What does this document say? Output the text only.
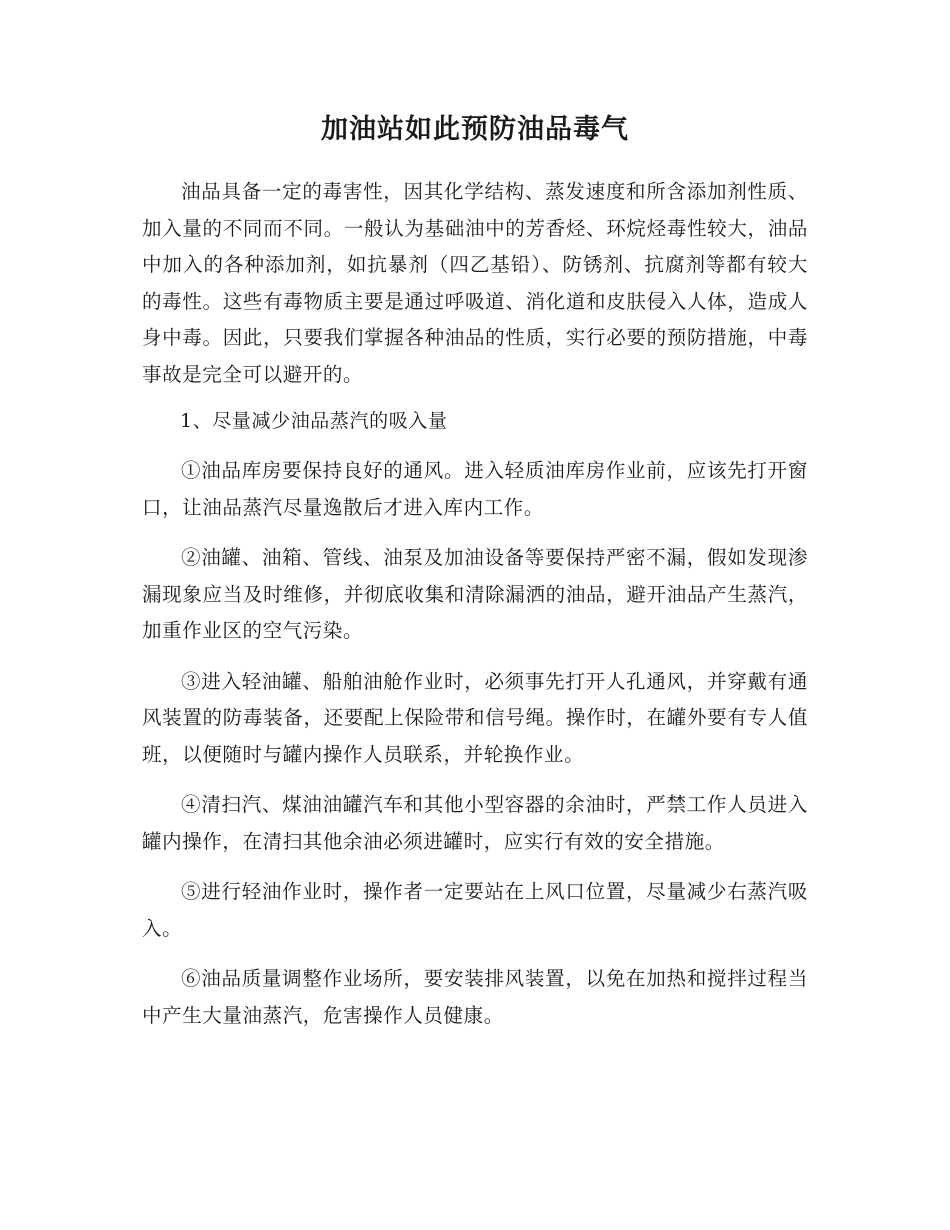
加油站如此预防油品毒气

油品具备一定的毒害性，因其化学结构、蒸发速度和所含添加剂性质、加入量的不同而不同。一般认为基础油中的芳香烃、环烷烃毒性较大，油品中加入的各种添加剂，如抗暴剂（四乙基铅）、防锈剂、抗腐剂等都有较大的毒性。这些有毒物质主要是通过呼吸道、消化道和皮肤侵入人体，造成人身中毒。因此，只要我们掌握各种油品的性质，实行必要的预防措施，中毒事故是完全可以避开的。

1、尽量减少油品蒸汽的吸入量

①油品库房要保持良好的通风。进入轻质油库房作业前，应该先打开窗口，让油品蒸汽尽量逸散后才进入库内工作。

②油罐、油箱、管线、油泵及加油设备等要保持严密不漏，假如发现渗漏现象应当及时维修，并彻底收集和清除漏洒的油品，避开油品产生蒸汽，加重作业区的空气污染。

③进入轻油罐、船舶油舱作业时，必须事先打开人孔通风，并穿戴有通风装置的防毒装备，还要配上保险带和信号绳。操作时，在罐外要有专人值班，以便随时与罐内操作人员联系，并轮换作业。

④清扫汽、煤油油罐汽车和其他小型容器的余油时，严禁工作人员进入罐内操作，在清扫其他余油必须进罐时，应实行有效的安全措施。

⑤进行轻油作业时，操作者一定要站在上风口位置，尽量减少右蒸汽吸入。

⑥油品质量调整作业场所，要安装排风装置，以免在加热和搅拌过程当中产生大量油蒸汽，危害操作人员健康。
